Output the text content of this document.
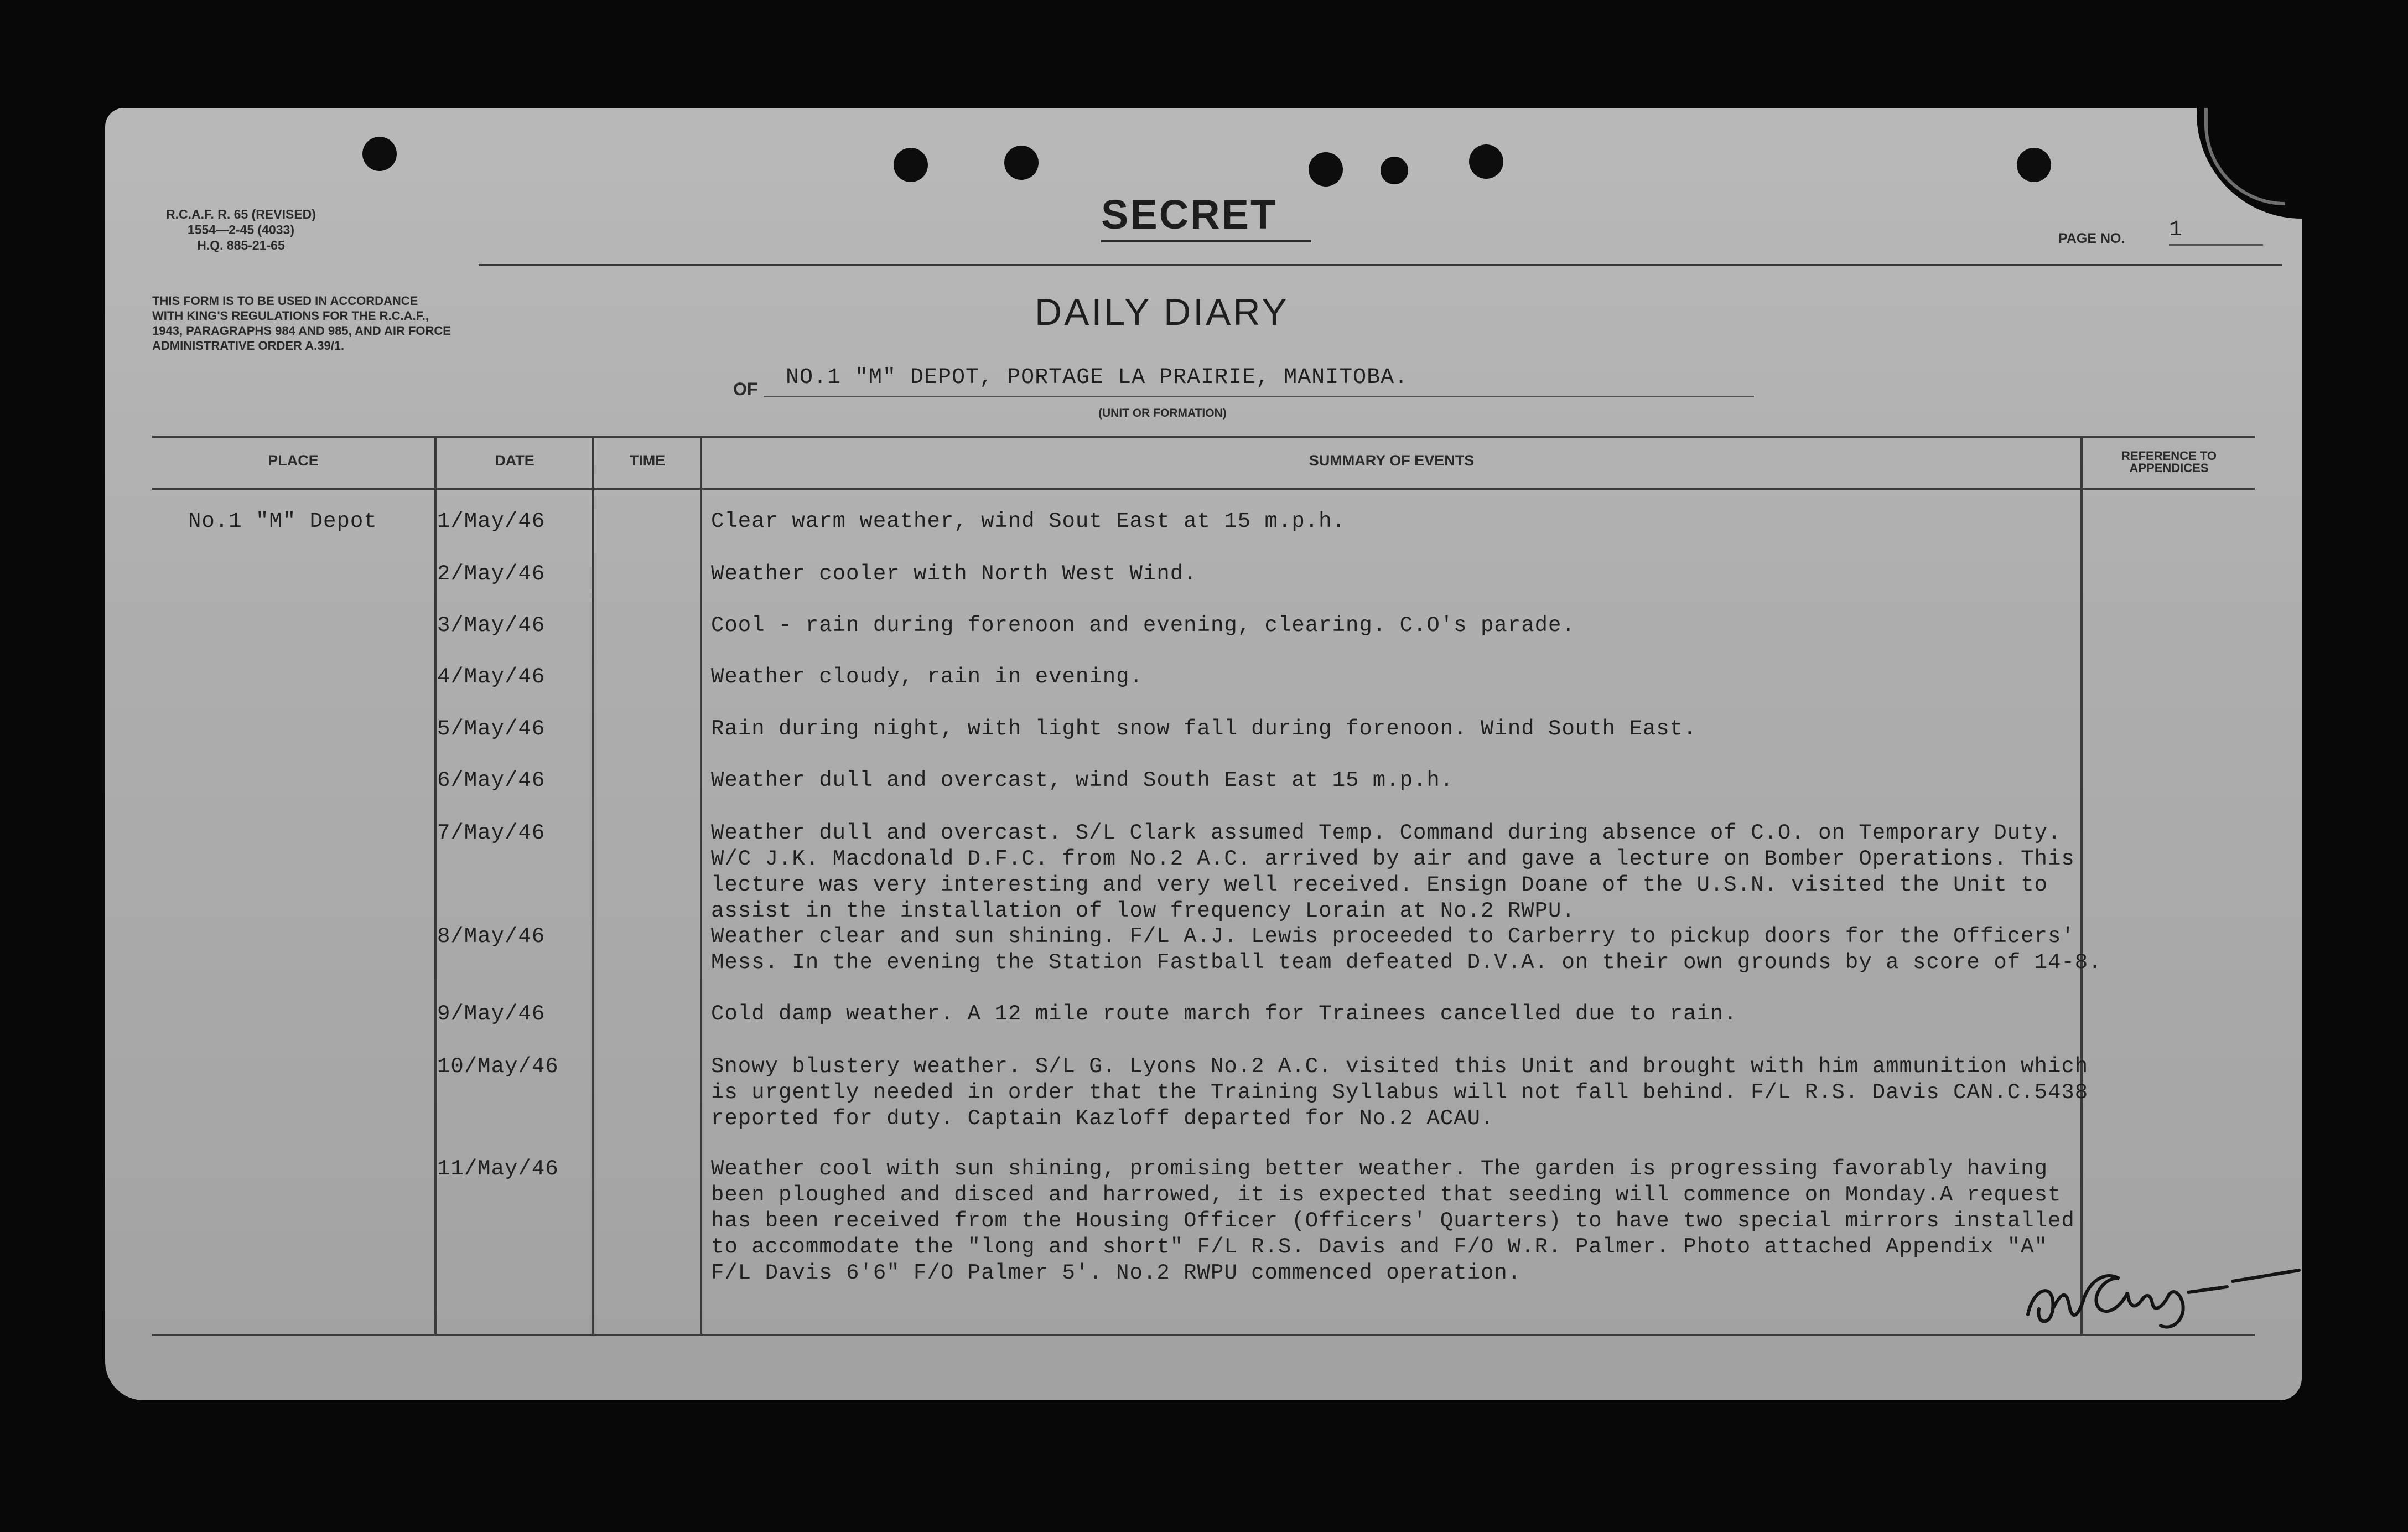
R.C.A.F. R. 65 (REVISED)
1554—2-45 (4033)
H.Q. 885-21-65
THIS FORM IS TO BE USED IN ACCORDANCE
WITH KING'S REGULATIONS FOR THE R.C.A.F.,
1943, PARAGRAPHS 984 AND 985, AND AIR FORCE
ADMINISTRATIVE ORDER A.39/1.
SECRET
PAGE NO. 1
DAILY DIARY
OF NO.1 "M" DEPOT, PORTAGE LA PRAIRIE, MANITOBA.
(UNIT OR FORMATION)
PLACE	DATE	TIME	SUMMARY OF EVENTS	REFERENCE TO
APPENDICES
No.1 "M" Depot	1/May/46	Clear warm weather, wind Sout East at 15 m.p.h.
2/May/46	Weather cooler with North West Wind.
3/May/46	Cool - rain during forenoon and evening, clearing. C.O's parade.
4/May/46	Weather cloudy, rain in evening.
5/May/46	Rain during night, with light snow fall during forenoon. Wind South East.
6/May/46	Weather dull and overcast, wind South East at 15 m.p.h.
7/May/46	Weather dull and overcast. S/L Clark assumed Temp. Command during absence of C.O. on Temporary Duty.
W/C J.K. Macdonald D.F.C. from No.2 A.C. arrived by air and gave a lecture on Bomber Operations. This
lecture was very interesting and very well received. Ensign Doane of the U.S.N. visited the Unit to
assist in the installation of low frequency Lorain at No.2 RWPU.
8/May/46	Weather clear and sun shining. F/L A.J. Lewis proceeded to Carberry to pickup doors for the Officers'
Mess. In the evening the Station Fastball team defeated D.V.A. on their own grounds by a score of 14-8.
9/May/46	Cold damp weather. A 12 mile route march for Trainees cancelled due to rain.
10/May/46	Snowy blustery weather. S/L G. Lyons No.2 A.C. visited this Unit and brought with him ammunition which
is urgently needed in order that the Training Syllabus will not fall behind. F/L R.S. Davis CAN.C.5438
reported for duty. Captain Kazloff departed for No.2 ACAU.
11/May/46	Weather cool with sun shining, promising better weather. The garden is progressing favorably having
been ploughed and disced and harrowed, it is expected that seeding will commence on Monday.A request
has been received from the Housing Officer (Officers' Quarters) to have two special mirrors installed
to accommodate the "long and short" F/L R.S. Davis and F/O W.R. Palmer. Photo attached Appendix "A"
F/L Davis 6'6" F/O Palmer 5'. No.2 RWPU commenced operation.
